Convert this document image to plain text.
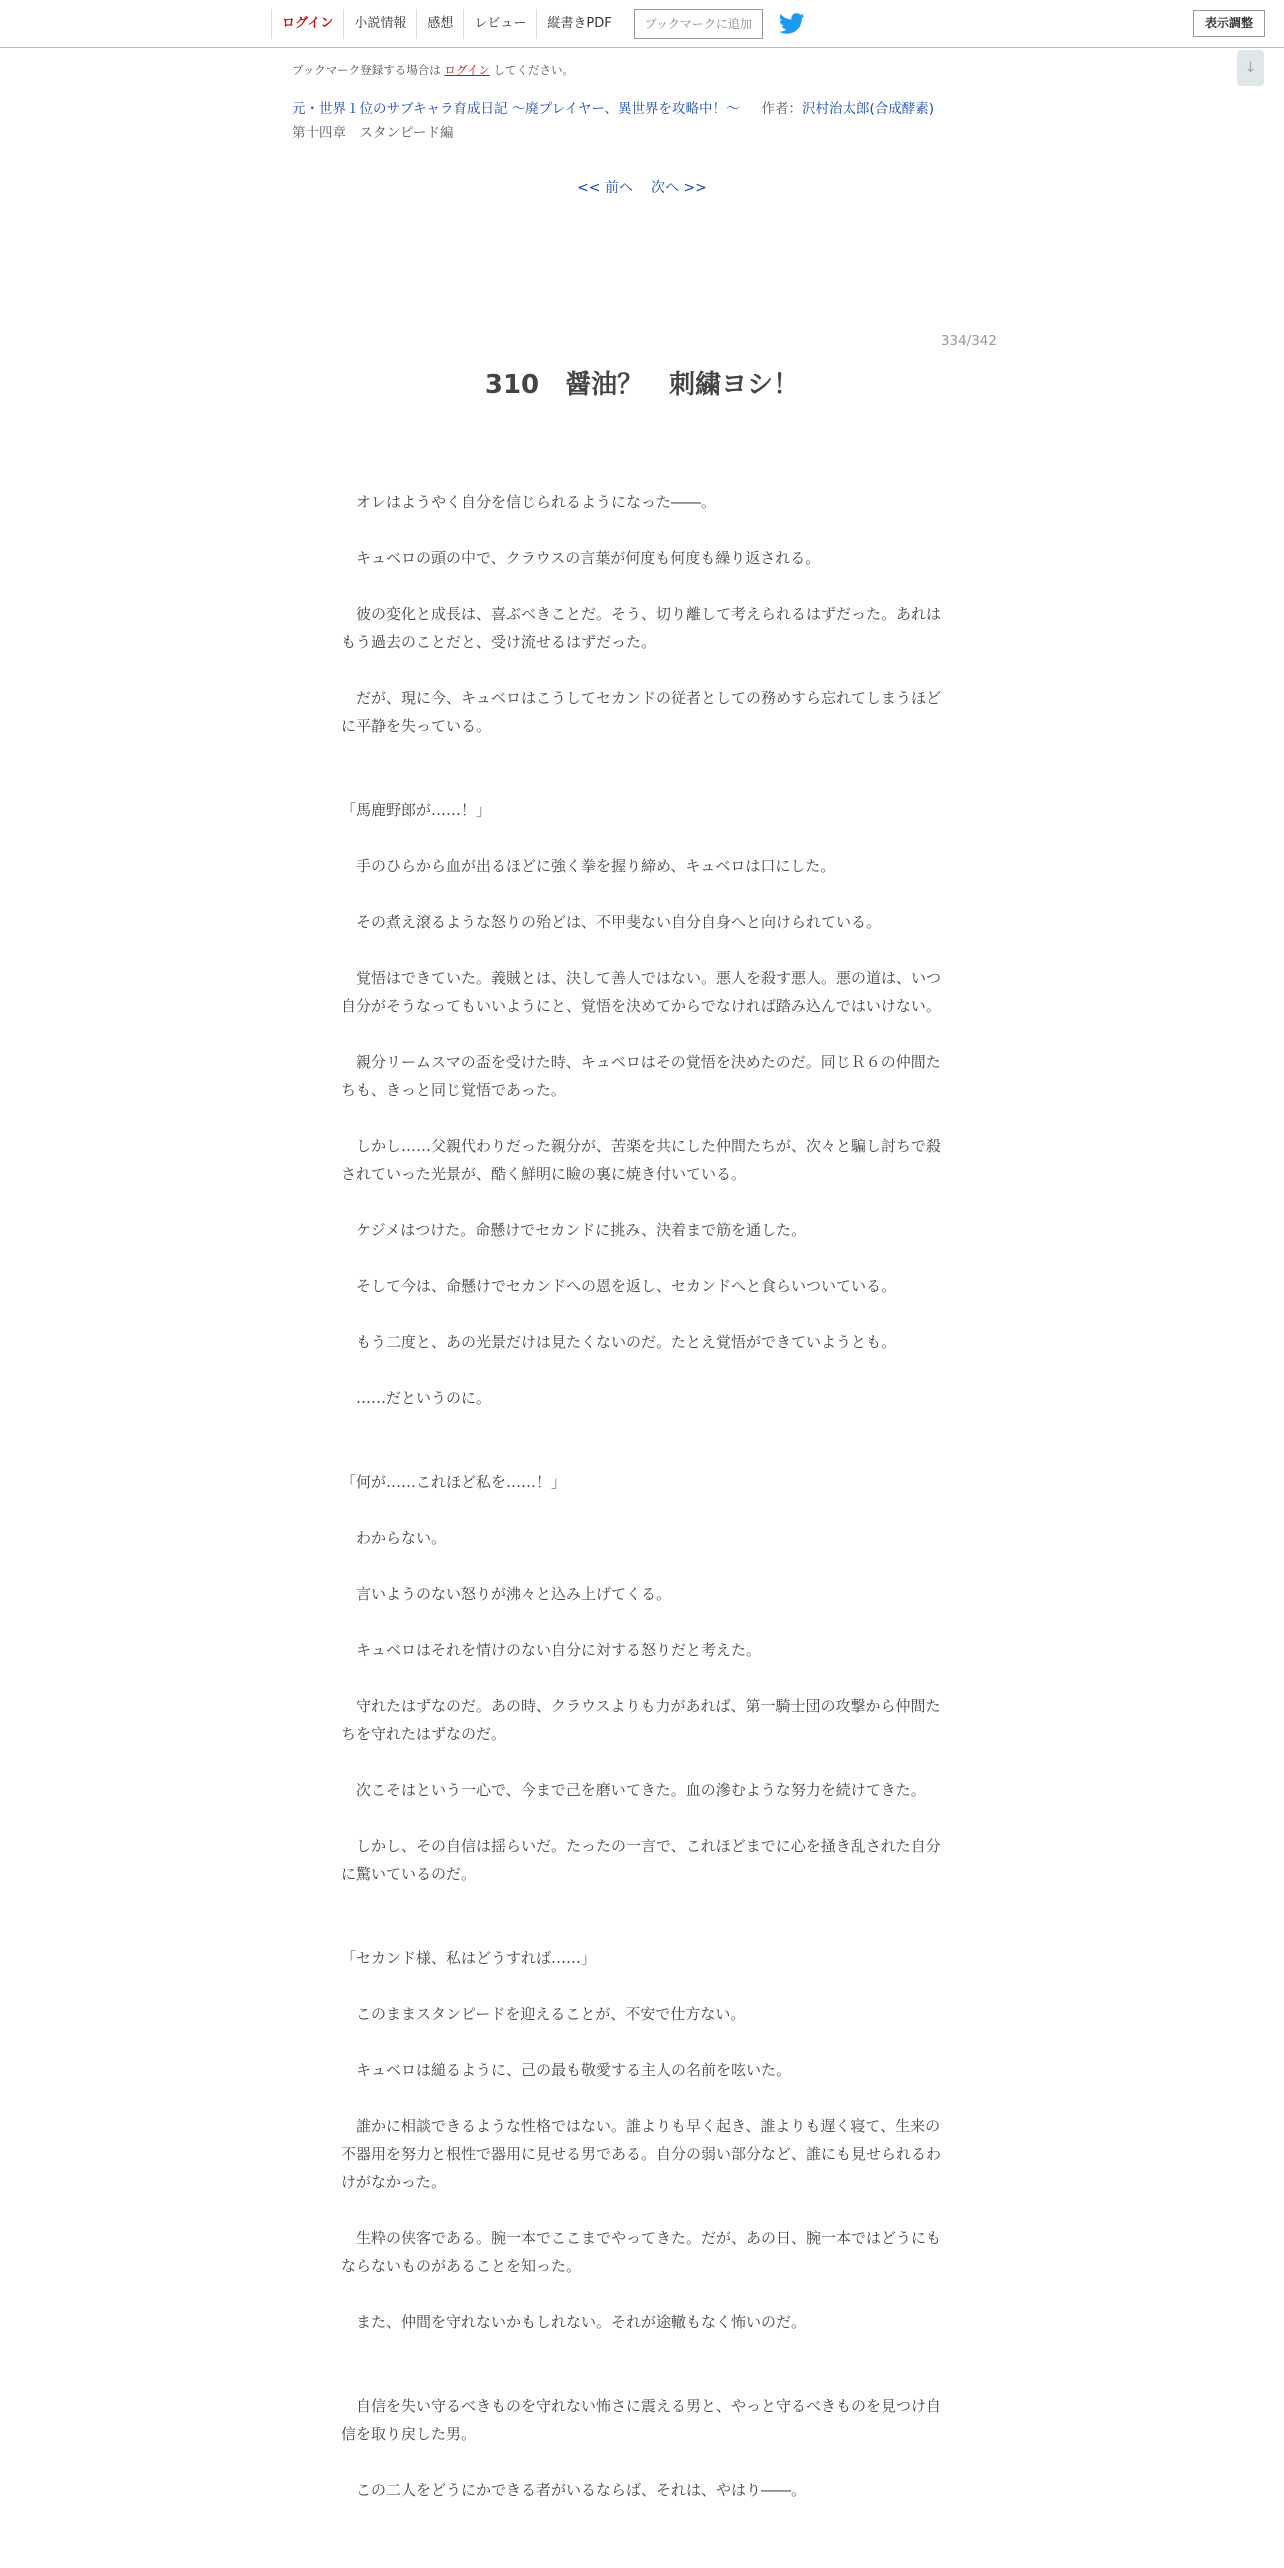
ログイン	小説情報	感想	レビュー	縦書きPDF	ブックマークに追加	表示調整
↓
ブックマーク登録する場合は ログイン してください。
元・世界１位のサブキャラ育成日記 ～廃プレイヤー、異世界を攻略中！～ 作者：沢村治太郎(合成酵素)
第十四章　スタンピード編
<< 前へ 次へ >>
334/342
310　醤油？　刺繍ヨシ！
　オレはようやく自分を信じられるようになった――。
　キュベロの頭の中で、クラウスの言葉が何度も何度も繰り返される。
　彼の変化と成長は、喜ぶべきことだ。そう、切り離して考えられるはずだった。あれはもう過去のことだと、受け流せるはずだった。
　だが、現に今、キュベロはこうしてセカンドの従者としての務めすら忘れてしまうほどに平静を失っている。
「馬鹿野郎が……！」
　手のひらから血が出るほどに強く拳を握り締め、キュベロは口にした。
　その煮え滾るような怒りの殆どは、不甲斐ない自分自身へと向けられている。
　覚悟はできていた。義賊とは、決して善人ではない。悪人を殺す悪人。悪の道は、いつ自分がそうなってもいいようにと、覚悟を決めてからでなければ踏み込んではいけない。
　親分リームスマの盃を受けた時、キュベロはその覚悟を決めたのだ。同じＲ６の仲間たちも、きっと同じ覚悟であった。
　しかし……父親代わりだった親分が、苦楽を共にした仲間たちが、次々と騙し討ちで殺されていった光景が、酷く鮮明に瞼の裏に焼き付いている。
　ケジメはつけた。命懸けでセカンドに挑み、決着まで筋を通した。
　そして今は、命懸けでセカンドへの恩を返し、セカンドへと食らいついている。
　もう二度と、あの光景だけは見たくないのだ。たとえ覚悟ができていようとも。
　……だというのに。
「何が……これほど私を……！」
　わからない。
　言いようのない怒りが沸々と込み上げてくる。
　キュベロはそれを情けのない自分に対する怒りだと考えた。
　守れたはずなのだ。あの時、クラウスよりも力があれば、第一騎士団の攻撃から仲間たちを守れたはずなのだ。
　次こそはという一心で、今まで己を磨いてきた。血の滲むような努力を続けてきた。
　しかし、その自信は揺らいだ。たったの一言で、これほどまでに心を掻き乱された自分に驚いているのだ。
「セカンド様、私はどうすれば……」
　このままスタンピードを迎えることが、不安で仕方ない。
　キュベロは縋るように、己の最も敬愛する主人の名前を呟いた。
　誰かに相談できるような性格ではない。誰よりも早く起き、誰よりも遅く寝て、生来の不器用を努力と根性で器用に見せる男である。自分の弱い部分など、誰にも見せられるわけがなかった。
　生粋の侠客である。腕一本でここまでやってきた。だが、あの日、腕一本ではどうにもならないものがあることを知った。
　また、仲間を守れないかもしれない。それが途轍もなく怖いのだ。
　自信を失い守るべきものを守れない怖さに震える男と、やっと守るべきものを見つけ自信を取り戻した男。
　この二人をどうにかできる者がいるならば、それは、やはり――。
